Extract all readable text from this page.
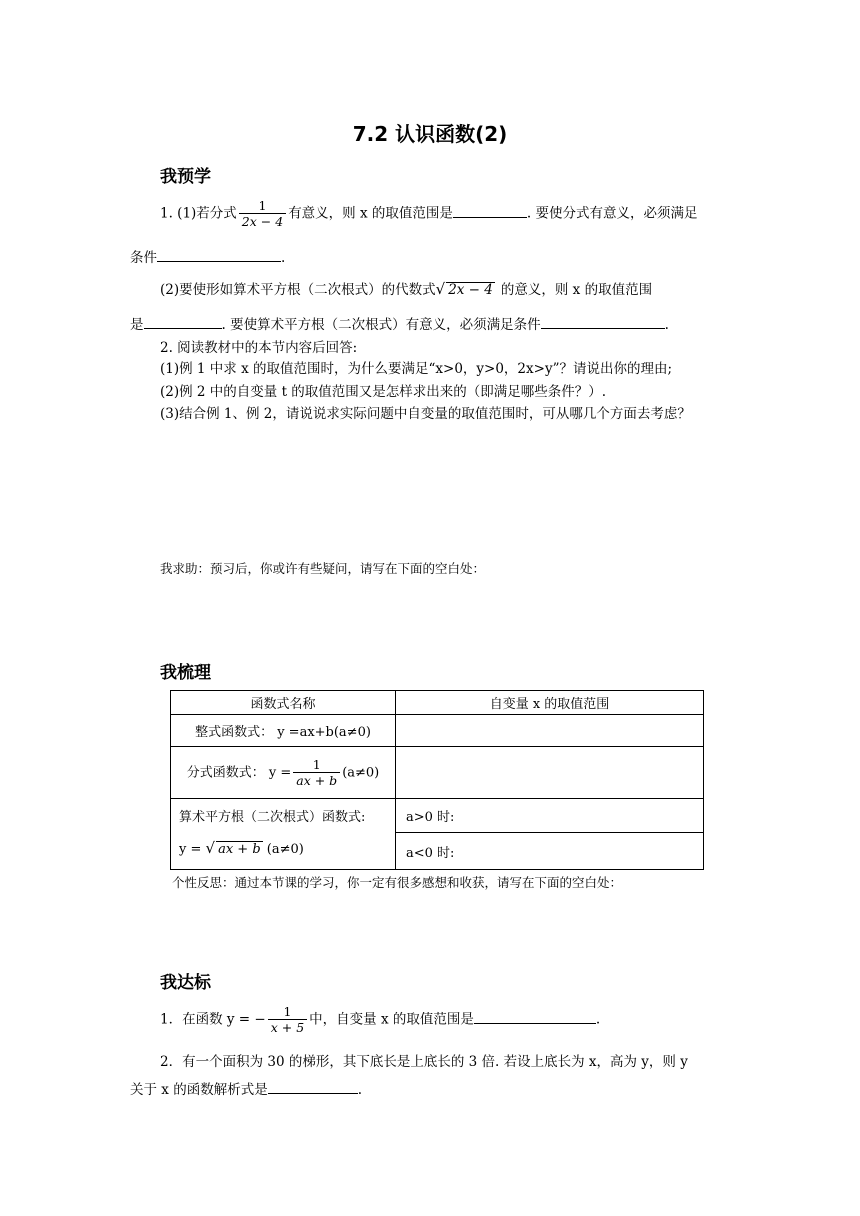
7.2 认识函数(2)
我预学
1. (1)若分式 $\frac{1}{2x - 4}$ 有意义，则 x 的取值范围是	. 要使分式有意义，必须满足
条件	.
(2)要使形如算术平方根（二次根式）的代数式√ 2x − 4 的意义，则 x 的取值范围
是	. 要使算术平方根（二次根式）有意义，必须满足条件	.
2. 阅读教材中的本节内容后回答:
(1)例 1 中求 x 的取值范围时，为什么要满足“x>0，y>0，2x>y”？请说出你的理由;
(2)例 2 中的自变量 t 的取值范围又是怎样求出来的（即满足哪些条件？）.
(3)结合例 1、例 2，请说说求实际问题中自变量的取值范围时，可从哪几个方面去考虑？
我求助：预习后，你或许有些疑问，请写在下面的空白处：
我梳理
函数式名称	自变量 x 的取值范围
整式函数式： y =ax+b(a≠0)	
分式函数式： $y = \frac{1}{ax + b} (a\ne 0)$	

算术平方根（二次根式）函数式:
y = √ ax + b (a≠0)	a>0 时:
	a<0 时:
个性反思：通过本节课的学习，你一定有很多感想和收获，请写在下面的空白处：
我达标
1．在函数 y = − $\frac{1}{x + 5}$ 中，自变量 x 的取值范围是	.
2．有一个面积为 30 的梯形，其下底长是上底长的 3 倍. 若设上底长为 x，高为 y，则 y
关于 x 的函数解析式是	.
